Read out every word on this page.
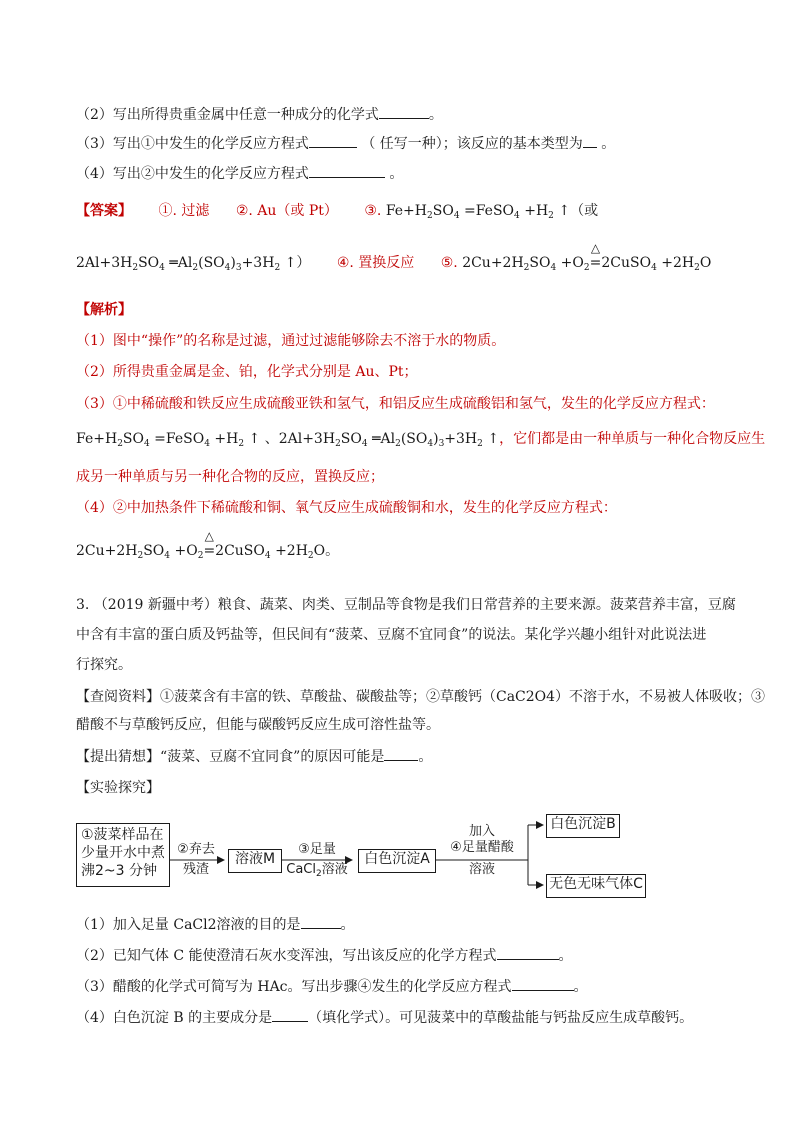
（2）写出所得贵重金属中任意一种成分的化学式	。
（3）写出①中发生的化学反应方程式	（ 任写一种）；该反应的基本类型为 。
（4）写出②中发生的化学反应方程式	。
【答案】 ①. 过滤 ②. Au（或 Pt） ③. $Fe+H_2SO_4$ =FeSO$_4$ $+H_2$ ↑（或
$2Al+3H_2SO_4$ $═Al_2(SO_4)_3+3H_2$ ↑） ④. 置换反应 ⑤. $2Cu+2H_2SO_4 +O_2$
△
=2CuSO$_4$ $+2H_2O$
【解析】
（1）图中“操作”的名称是过滤，通过过滤能够除去不溶于水的物质。
（2）所得贵重金属是金、铂，化学式分别是 Au、Pt；
（3）①中稀硫酸和铁反应生成硫酸亚铁和氢气，和铝反应生成硫酸铝和氢气，发生的化学反应方程式：
$Fe+H_2SO_4$ =FeSO$_4$ $+H_2$ ↑ 、$2Al+3H_2SO_4$ $═Al_2(SO_4)_3+3H_2$ ↑，它们都是由一种单质与一种化合物反应生
成另一种单质与另一种化合物的反应，置换反应；
（4）②中加热条件下稀硫酸和铜、氧气反应生成硫酸铜和水，发生的化学反应方程式：
$2Cu+2H_2SO_4 +O_2$
△
=2CuSO$_4$ $+2H_2O$。
3. （2019 新疆中考）粮食、蔬菜、肉类、豆制品等食物是我们日常营养的主要来源。菠菜营养丰富，豆腐
中含有丰富的蛋白质及钙盐等，但民间有“菠菜、豆腐不宜同食”的说法。某化学兴趣小组针对此说法进
行探究。
【查阅资料】①菠菜含有丰富的铁、草酸盐、碳酸盐等；②草酸钙（CaC2O4）不溶于水，不易被人体吸收；③
醋酸不与草酸钙反应，但能与碳酸钙反应生成可溶性盐等。
【提出猜想】“菠菜、豆腐不宜同食”的原因可能是 。
【实验探究】
①菠菜样品在
少量开水中煮
沸2~3 分钟
②弃去
残渣
溶液M
③足量
CaCl$_2$溶液
白色沉淀A
加入
④足量醋酸
溶液
白色沉淀B
无色无味气体C
（1）加入足量 CaCl2溶液的目的是	。
（2）已知气体 C 能使澄清石灰水变浑浊，写出该反应的化学方程式	。
（3）醋酸的化学式可简写为 HAc。写出步骤④发生的化学反应方程式	。
（4）白色沉淀 B 的主要成分是	（填化学式）。可见菠菜中的草酸盐能与钙盐反应生成草酸钙。
